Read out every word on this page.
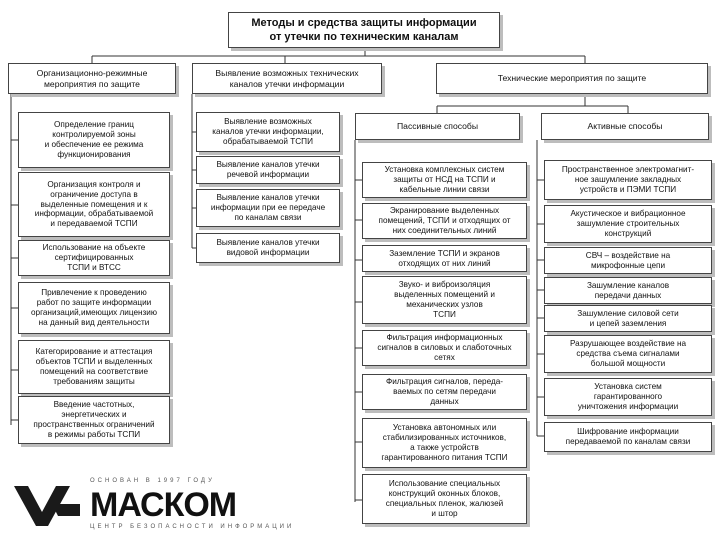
Методы и средства защиты информации
от утечки по техническим каналам
Организационно-режимные
мероприятия по защите
Выявление возможных технических
каналов утечки информации
Технические мероприятия по защите
Определение границ
контролируемой зоны
и обеспечение ее режима
функционирования
Организация контроля и
ограничение доступа в
выделенные помещения и к
информации, обрабатываемой
и передаваемой ТСПИ
Использование на объекте
сертифицированных
ТСПИ и ВТСС
Привлечение к проведению
работ по защите информации
организаций,имеющих лицензию
на данный вид деятельности
Категорирование и аттестация
объектов ТСПИ и выделенных
помещений на соответствие
требованиям защиты
Введение частотных,
энергетических и
пространственных ограничений
в режимы работы ТСПИ
Выявление возможных
каналов утечки информации,
обрабатываемой ТСПИ
Выявление каналов утечки
речевой информации
Выявление каналов утечки
информации при ее передаче
по каналам связи
Выявление каналов утечки
видовой информации
Пассивные способы	Активные способы
Установка комплексных систем
защиты от НСД на ТСПИ и
кабельные линии связи
Экранирование выделенных
помещений, ТСПИ и отходящих от
них соединительных линий
Заземление ТСПИ и экранов
отходящих от них линий
Звуко- и виброизоляция
выделенных помещений и
механических узлов
ТСПИ
Фильтрация информационных
сигналов в силовых и слаботочных
сетях
Фильтрация сигналов, переда-
ваемых по сетям передачи
данных
Установка автономных или
стабилизированных источников,
а также устройств
гарантированного питания ТСПИ
Использование специальных
конструкций оконных блоков,
специальных пленок, жалюзей
и штор
Пространственное электромагнит-
ное зашумление закладных
устройств и ПЭМИ ТСПИ
Акустическое и вибрационное
зашумление строительных
конструкций
СВЧ – воздействие на
микрофонные цепи
Зашумление каналов
передачи данных
Зашумление силовой сети
и цепей заземления
Разрушающее воздействие на
средства съема сигналами
большой мощности
Установка систем
гарантированного
уничтожения информации
Шифрование информации
передаваемой по каналам связи
ОСНОВАН В 1997 ГОДУ
МАСКОМ
ЦЕНТР БЕЗОПАСНОСТИ ИНФОРМАЦИИ
